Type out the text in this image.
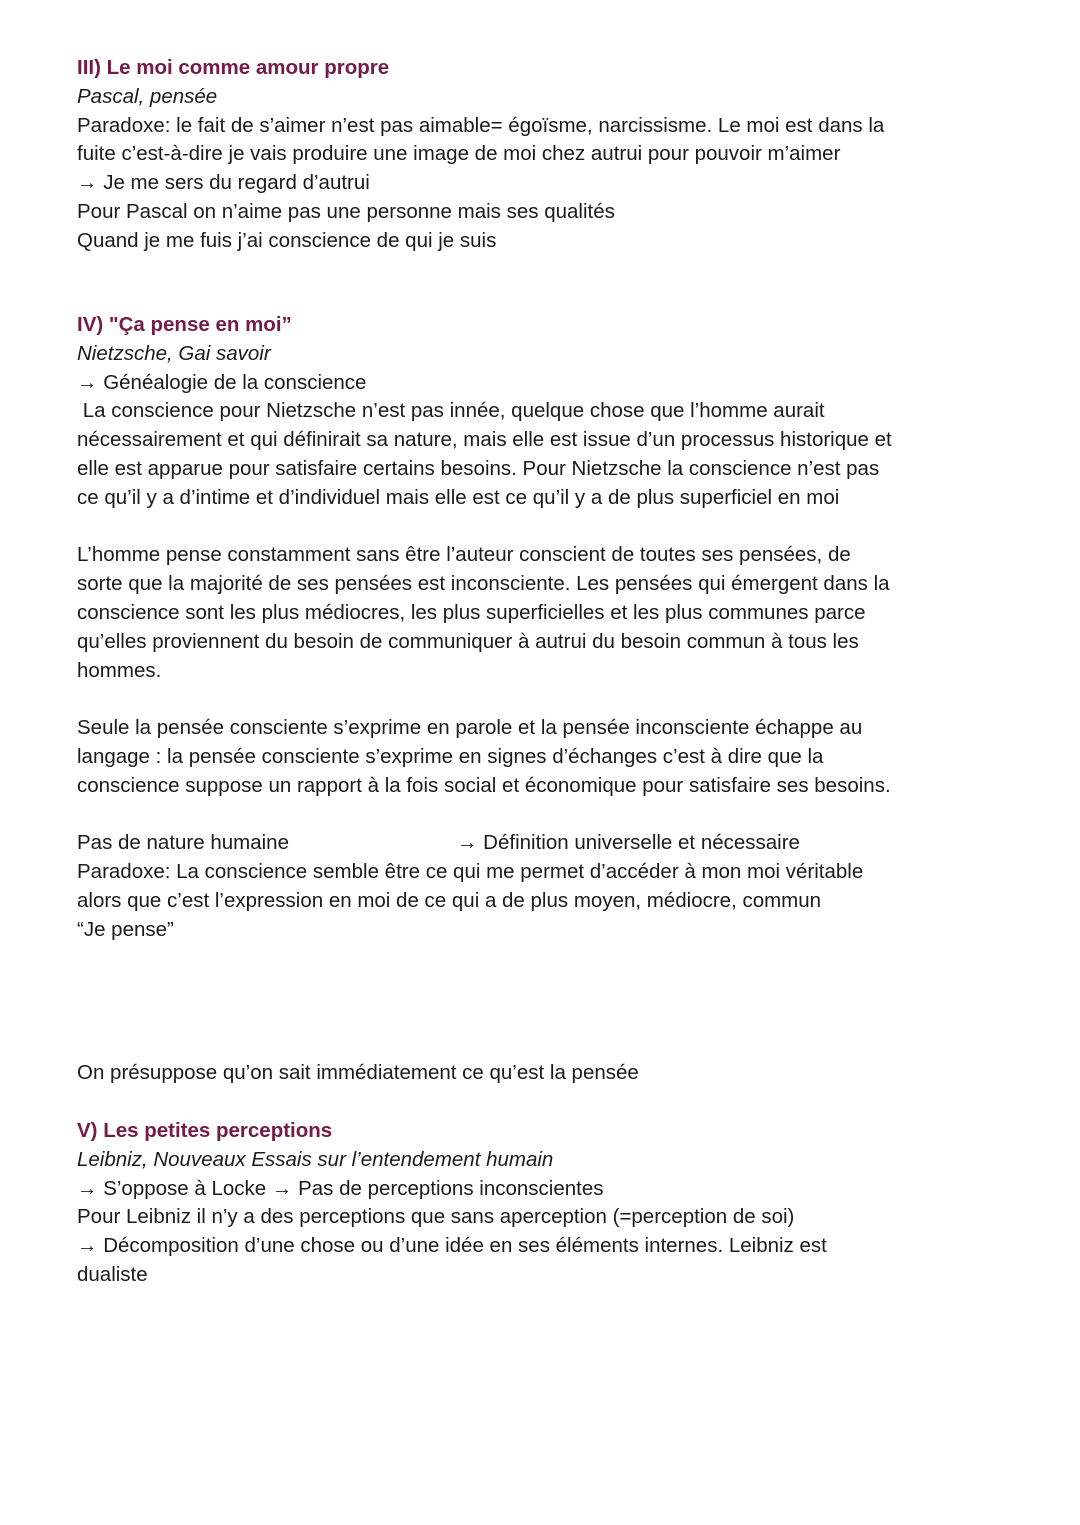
III) Le moi comme amour propre

Pascal, pensée

Paradoxe: le fait de s’aimer n’est pas aimable= égoïsme, narcissisme. Le moi est dans la

fuite c’est-à-dire je vais produire une image de moi chez autrui pour pouvoir m’aimer

→ Je me sers du regard d’autrui

Pour Pascal on n’aime pas une personne mais ses qualités

Quand je me fuis j’ai conscience de qui je suis

IV) "Ça pense en moi”

Nietzsche, Gai savoir

→ Généalogie de la conscience

La conscience pour Nietzsche n’est pas innée, quelque chose que l’homme aurait

nécessairement et qui définirait sa nature, mais elle est issue d’un processus historique et

elle est apparue pour satisfaire certains besoins. Pour Nietzsche la conscience n’est pas

ce qu’il y a d’intime et d’individuel mais elle est ce qu’il y a de plus superficiel en moi

L’homme pense constamment sans être l’auteur conscient de toutes ses pensées, de

sorte que la majorité de ses pensées est inconsciente. Les pensées qui émergent dans la

conscience sont les plus médiocres, les plus superficielles et les plus communes parce

qu’elles proviennent du besoin de communiquer à autrui du besoin commun à tous les

hommes.

Seule la pensée consciente s’exprime en parole et la pensée inconsciente échappe au

langage : la pensée consciente s’exprime en signes d’échanges c’est à dire que la

conscience suppose un rapport à la fois social et économique pour satisfaire ses besoins.

Pas de nature humaine	→ Définition universelle et nécessaire

Paradoxe: La conscience semble être ce qui me permet d’accéder à mon moi véritable

alors que c’est l’expression en moi de ce qui a de plus moyen, médiocre, commun

“Je pense”

On présuppose qu’on sait immédiatement ce qu’est la pensée

V) Les petites perceptions

Leibniz, Nouveaux Essais sur l’entendement humain

→ S’oppose à Locke → Pas de perceptions inconscientes

Pour Leibniz il n’y a des perceptions que sans aperception (=perception de soi)

→ Décomposition d’une chose ou d’une idée en ses éléments internes. Leibniz est

dualiste
